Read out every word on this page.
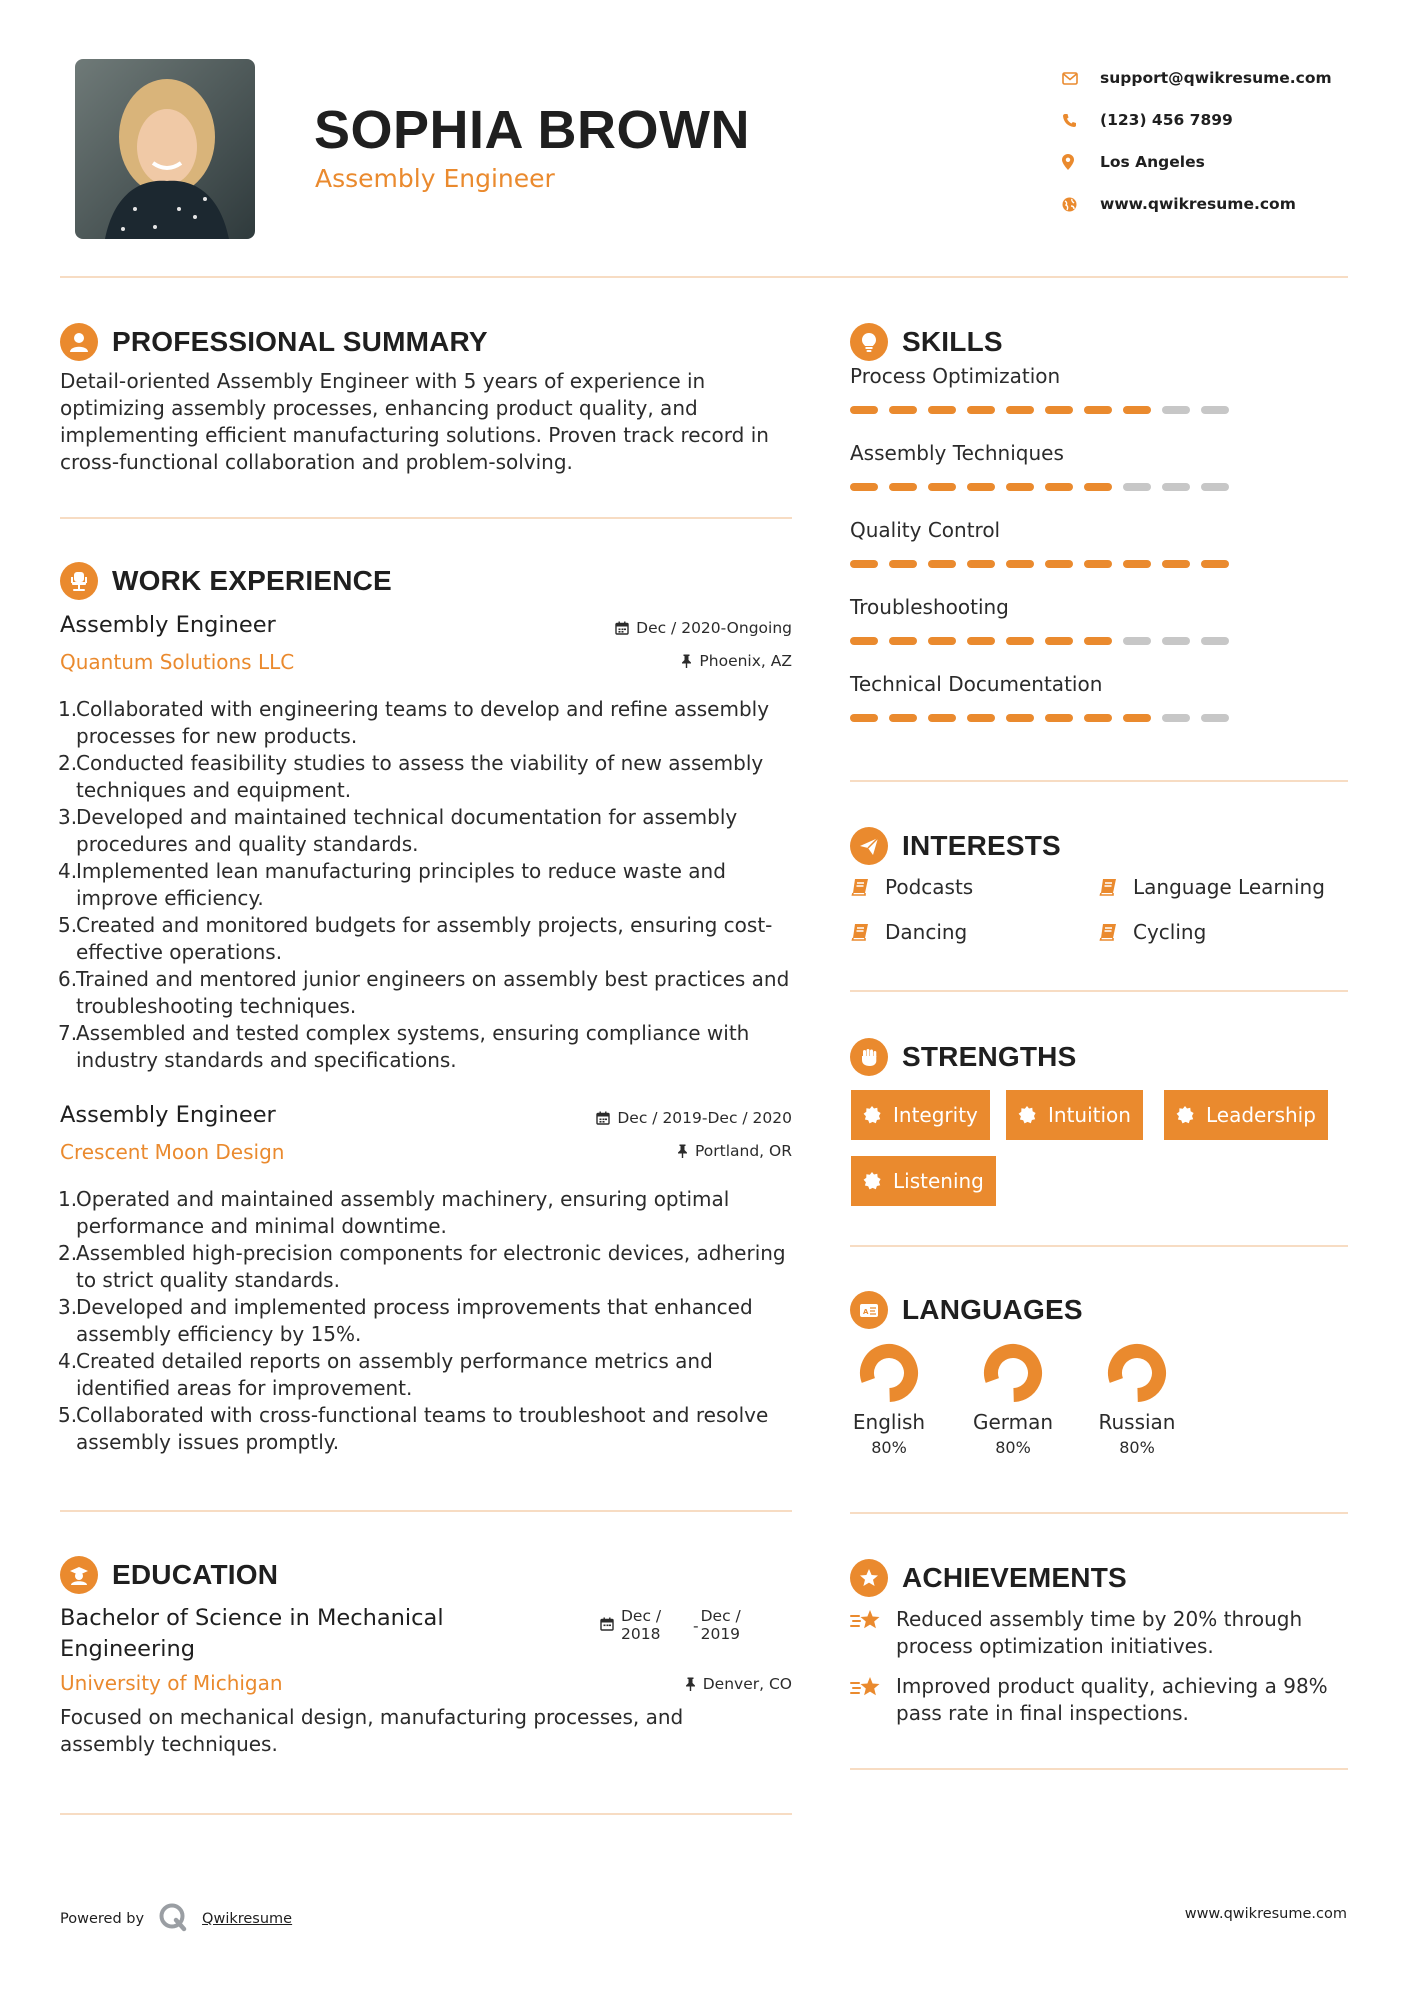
SOPHIA BROWN
Assembly Engineer
support@qwikresume.com
(123) 456 7899
Los Angeles
www.qwikresume.com
PROFESSIONAL SUMMARY
Detail-oriented Assembly Engineer with 5 years of experience in optimizing assembly processes, enhancing product quality, and implementing efficient manufacturing solutions. Proven track record in cross-functional collaboration and problem-solving.
WORK EXPERIENCE
Assembly Engineer
Quantum Solutions LLC
Dec / 2020-Ongoing
Phoenix, AZ
1.
Collaborated with engineering teams to develop and refine assembly processes for new products.
2.
Conducted feasibility studies to assess the viability of new assembly techniques and equipment.
3.
Developed and maintained technical documentation for assembly procedures and quality standards.
4.
Implemented lean manufacturing principles to reduce waste and improve efficiency.
5.
Created and monitored budgets for assembly projects, ensuring cost-effective operations.
6.
Trained and mentored junior engineers on assembly best practices and troubleshooting techniques.
7.
Assembled and tested complex systems, ensuring compliance with industry standards and specifications.
Assembly Engineer
Crescent Moon Design
Dec / 2019-Dec / 2020
Portland, OR
1.
Operated and maintained assembly machinery, ensuring optimal performance and minimal downtime.
2.
Assembled high-precision components for electronic devices, adhering to strict quality standards.
3.
Developed and implemented process improvements that enhanced assembly efficiency by 15%.
4.
Created detailed reports on assembly performance metrics and identified areas for improvement.
5.
Collaborated with cross-functional teams to troubleshoot and resolve assembly issues promptly.
EDUCATION
Bachelor of Science in Mechanical Engineering
University of Michigan
Dec / 2018	-
Dec / 2019
Denver, CO
Focused on mechanical design, manufacturing processes, and assembly techniques.
SKILLS
Process Optimization
Assembly Techniques
Quality Control
Troubleshooting
Technical Documentation
INTERESTS
Podcasts	Language Learning
Dancing	Cycling
STRENGTHS
Integrity	Intuition	Leadership
Listening
A LANGUAGES
English
80%
German
80%
Russian
80%
ACHIEVEMENTS
Reduced assembly time by 20% through process optimization initiatives.
Improved product quality, achieving a 98% pass rate in final inspections.
Powered by	Qwikresume	www.qwikresume.com
